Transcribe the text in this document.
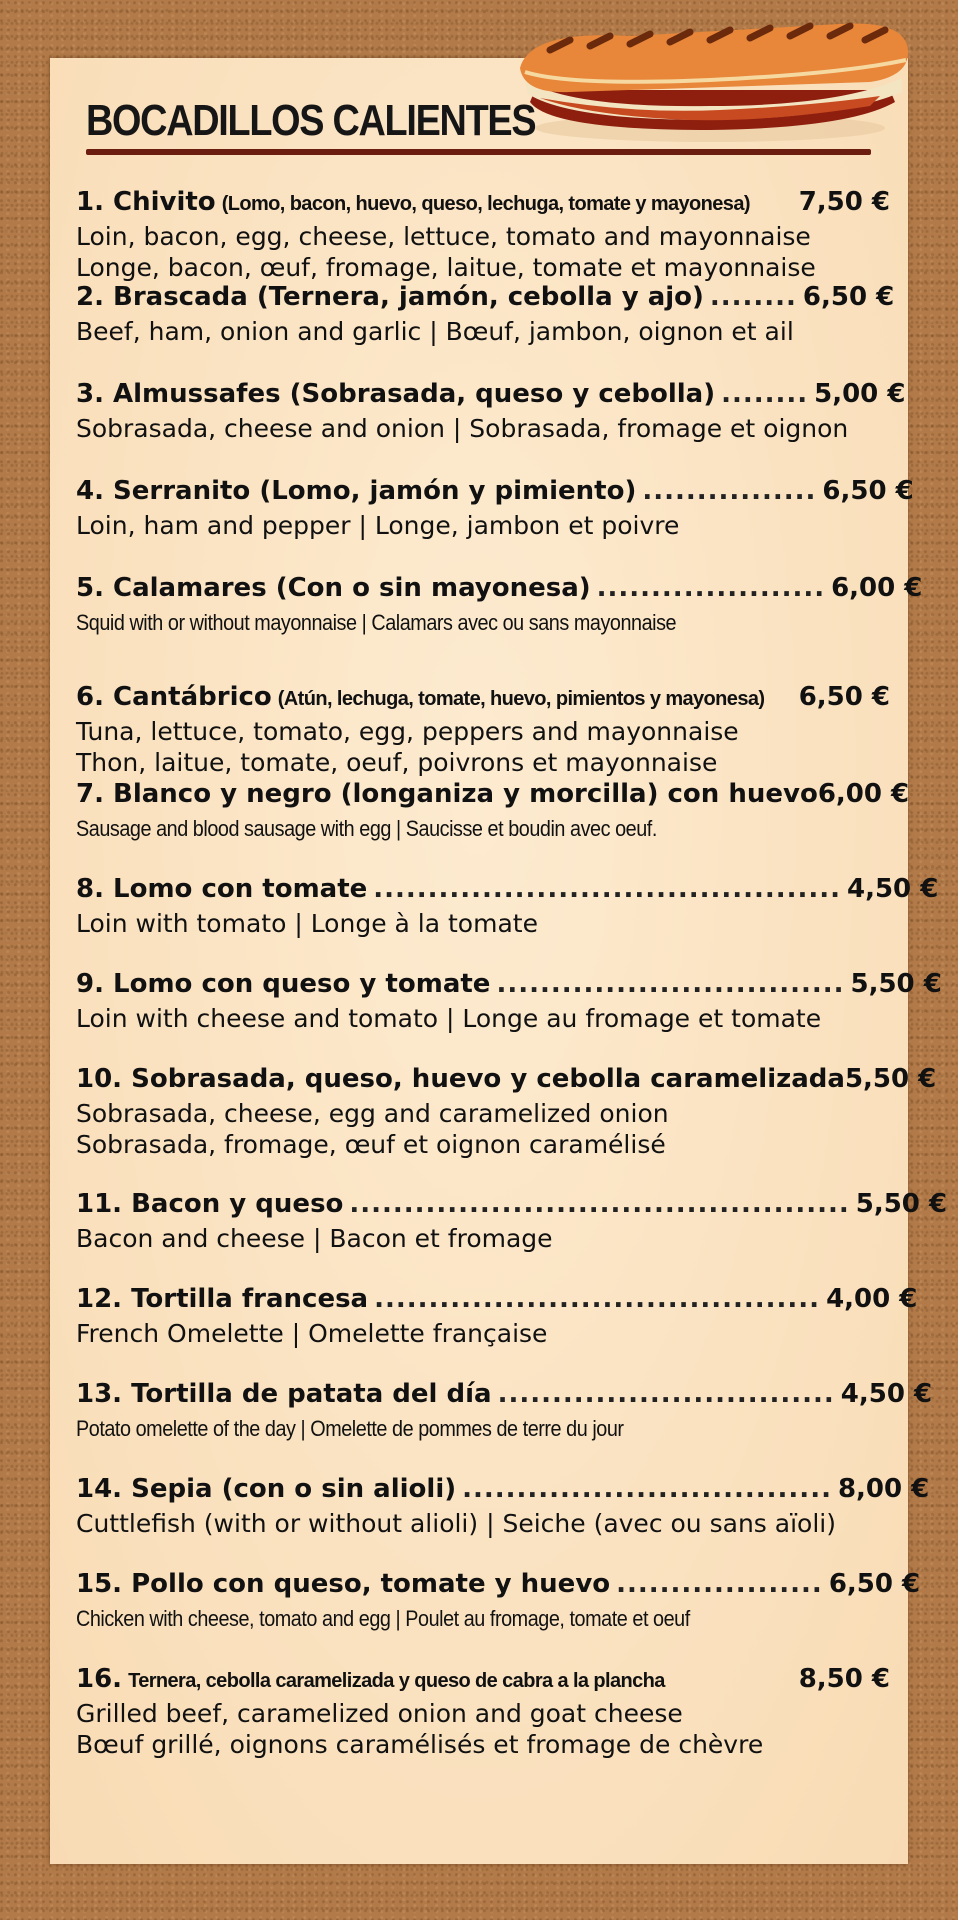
BOCADILLOS CALIENTES
1. Chivito (Lomo, bacon, huevo, queso, lechuga, tomate y mayonesa) 7,50 €
Loin, bacon, egg, cheese, lettuce, tomato and mayonnaise
Longe, bacon, œuf, fromage, laitue, tomate et mayonnaise
2. Brascada (Ternera, jamón, cebolla y ajo) ........ 6,50 €
Beef, ham, onion and garlic | Bœuf, jambon, oignon et ail
3. Almussafes (Sobrasada, queso y cebolla) ........ 5,00 €
Sobrasada, cheese and onion | Sobrasada, fromage et oignon
4. Serranito (Lomo, jamón y pimiento) ................ 6,50 €
Loin, ham and pepper | Longe, jambon et poivre
5. Calamares (Con o sin mayonesa) ..................... 6,00 €
Squid with or without mayonnaise | Calamars avec ou sans mayonnaise
6. Cantábrico (Atún, lechuga, tomate, huevo, pimientos y mayonesa) 6,50 €
Tuna, lettuce, tomato, egg, peppers and mayonnaise
Thon, laitue, tomate, oeuf, poivrons et mayonnaise
7. Blanco y negro (longaniza y morcilla) con huevo 6,00 €
Sausage and blood sausage with egg | Saucisse et boudin avec oeuf.
8. Lomo con tomate ........................................... 4,50 €
Loin with tomato | Longe à la tomate
9. Lomo con queso y tomate ................................ 5,50 €
Loin with cheese and tomato | Longe au fromage et tomate
10. Sobrasada, queso, huevo y cebolla caramelizada 5,50 €
Sobrasada, cheese, egg and caramelized onion
Sobrasada, fromage, œuf et oignon caramélisé
11. Bacon y queso .............................................. 5,50 €
Bacon and cheese | Bacon et fromage
12. Tortilla francesa ......................................... 4,00 €
French Omelette | Omelette française
13. Tortilla de patata del día ............................... 4,50 €
Potato omelette of the day | Omelette de pommes de terre du jour
14. Sepia (con o sin alioli) .................................. 8,00 €
Cuttlefish (with or without alioli) | Seiche (avec ou sans aïoli)
15. Pollo con queso, tomate y huevo ................... 6,50 €
Chicken with cheese, tomato and egg | Poulet au fromage, tomate et oeuf
16. Ternera, cebolla caramelizada y queso de cabra a la plancha	8,50 €
Grilled beef, caramelized onion and goat cheese
Bœuf grillé, oignons caramélisés et fromage de chèvre
